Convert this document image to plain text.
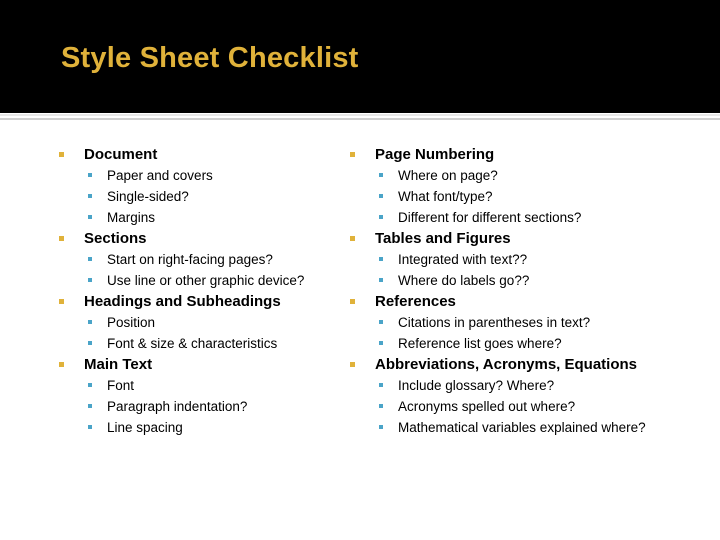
Style Sheet Checklist
Document
Paper and covers
Single-sided?
Margins
Sections
Start on right-facing pages?
Use line or other graphic device?
Headings and Subheadings
Position
Font & size & characteristics
Main Text
Font
Paragraph indentation?
Line spacing
Page Numbering
Where on page?
What font/type?
Different for different sections?
Tables and Figures
Integrated with text??
Where do labels go??
References
Citations in parentheses in text?
Reference list goes where?
Abbreviations, Acronyms, Equations
Include glossary? Where?
Acronyms spelled out where?
Mathematical variables explained where?
